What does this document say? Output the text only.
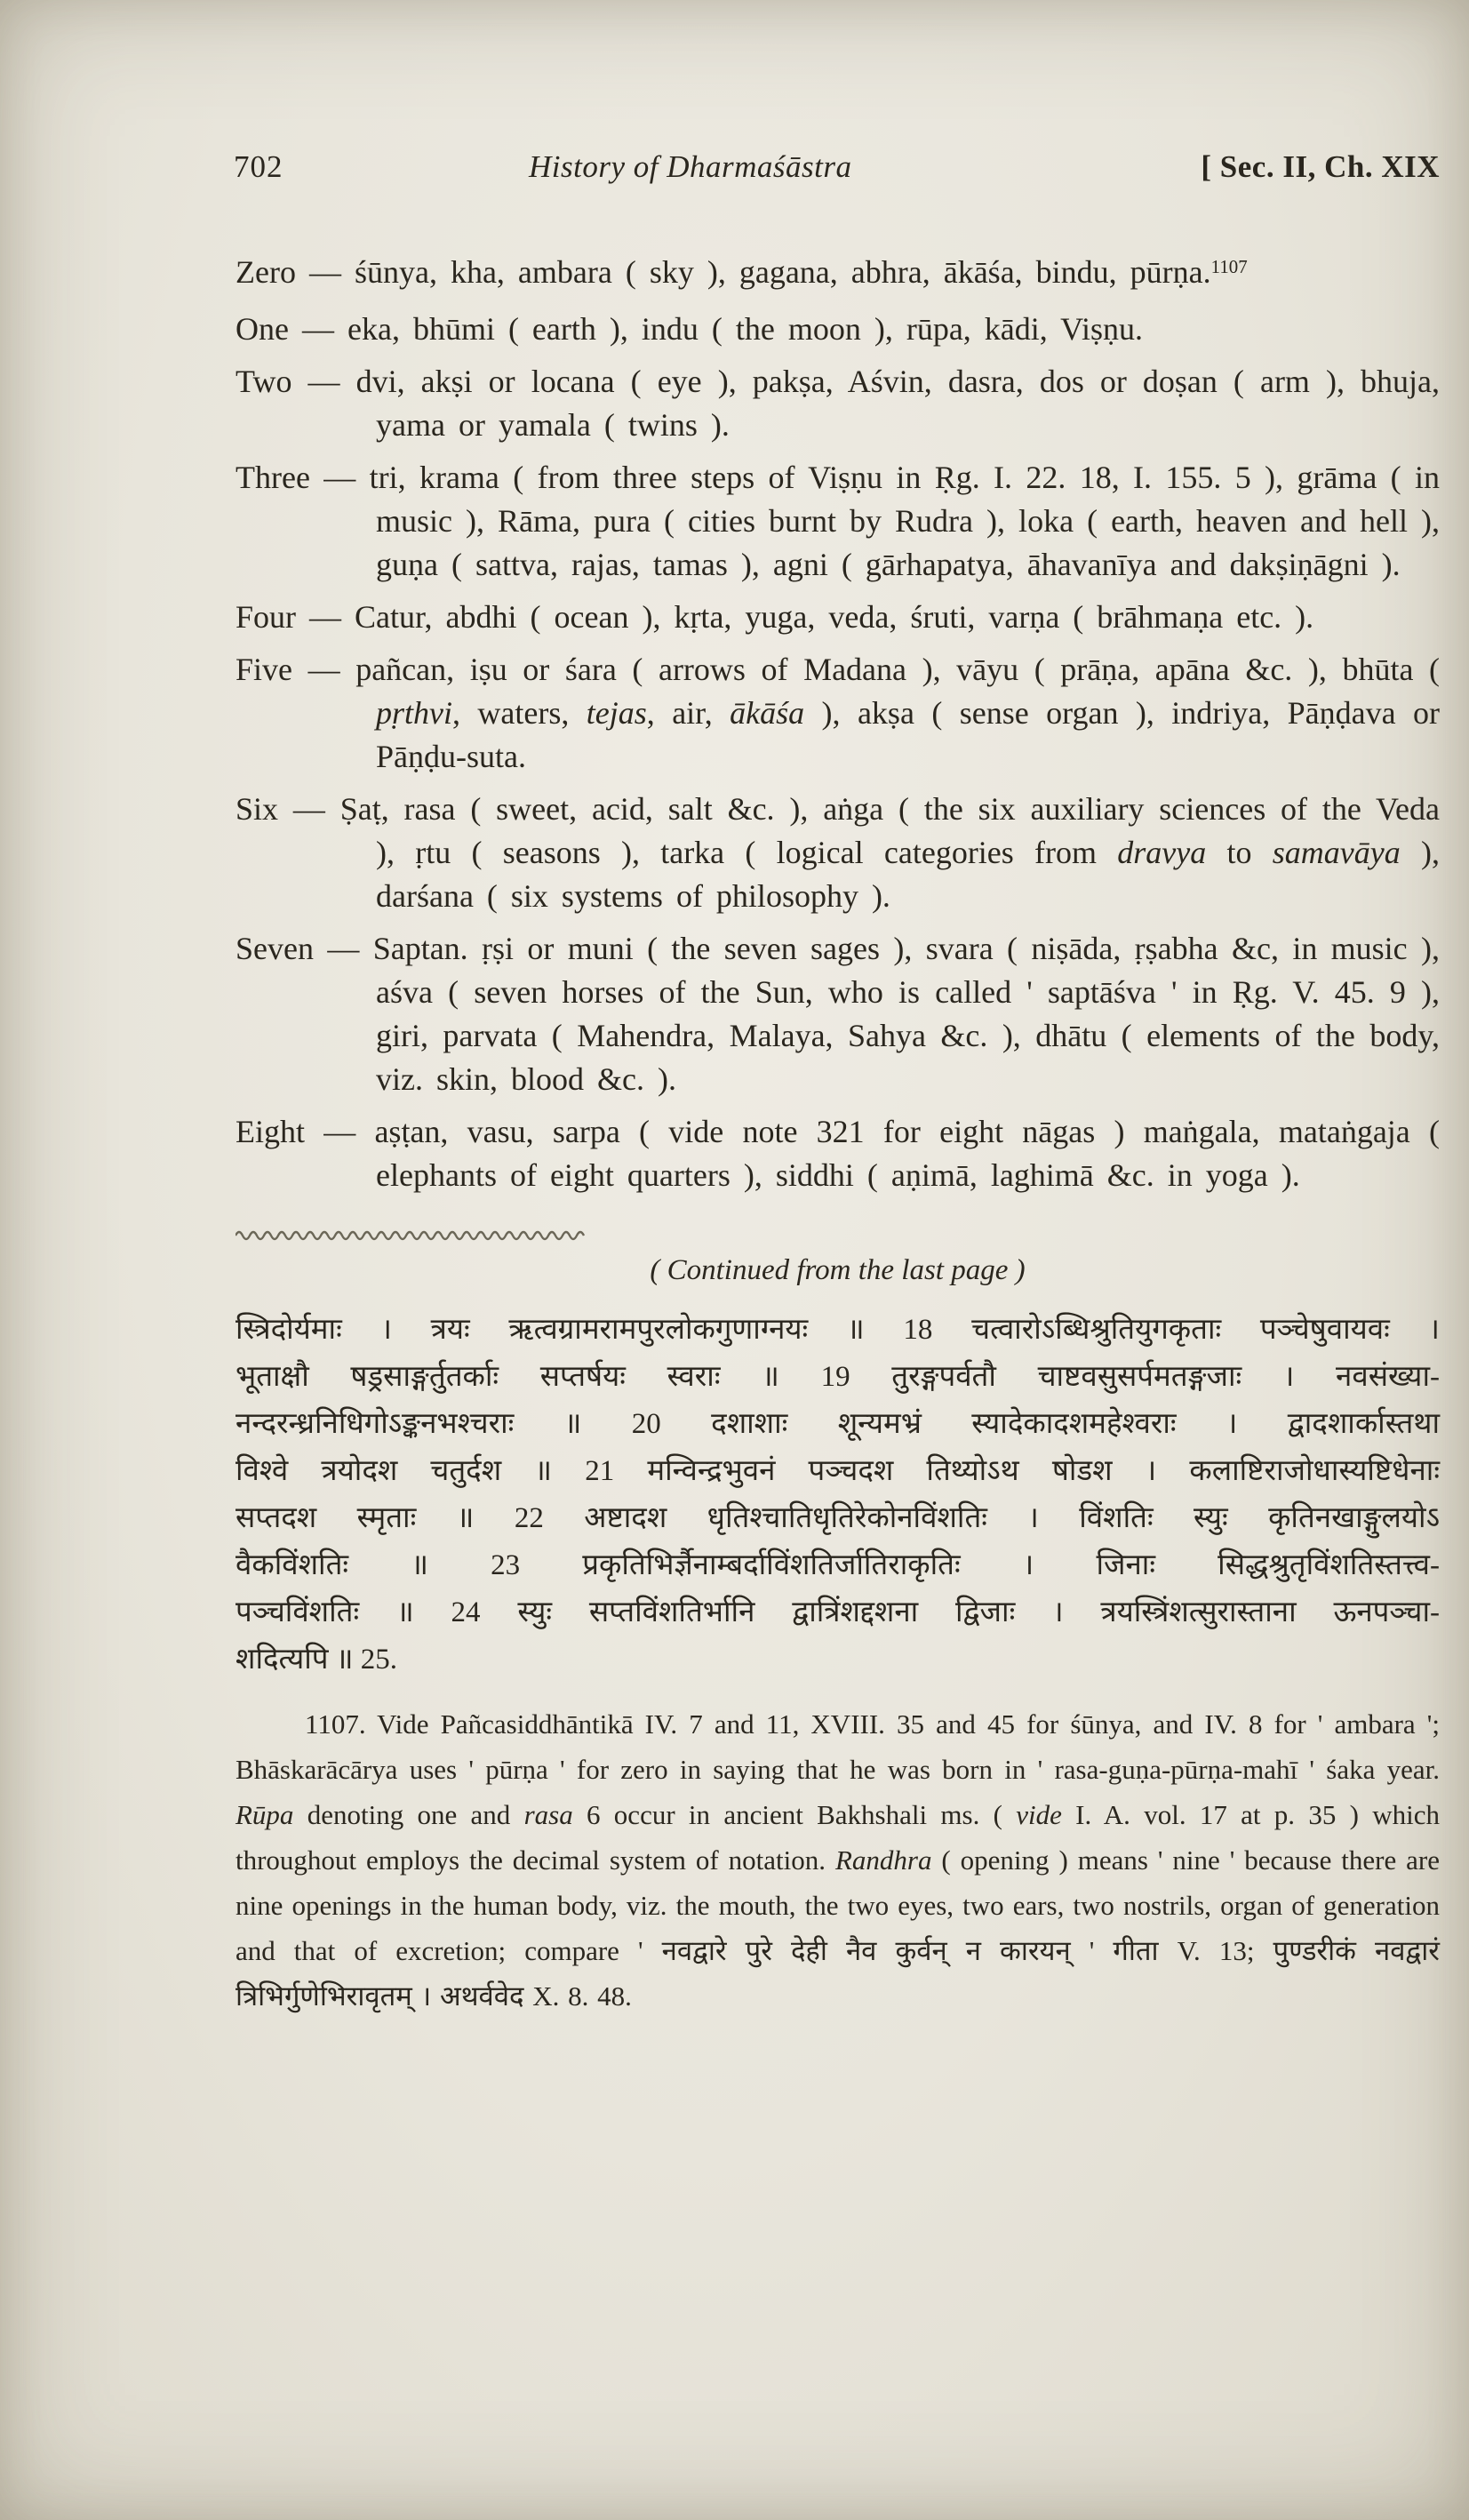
702	History of Dharmaśāstra	[ Sec. II, Ch. XIX

Zero — śūnya, kha, ambara ( sky ), gagana, abhra, ākāśa, bindu, pūrṇa.$^{1107}$

One — eka, bhūmi ( earth ), indu ( the moon ), rūpa, kādi, Viṣṇu.

Two — dvi, akṣi or locana ( eye ), pakṣa, Aśvin, dasra, dos or doṣan ( arm ), bhuja, yama or yamala ( twins ).

Three — tri, krama ( from three steps of Viṣṇu in Ṛg. I. 22. 18, I. 155. 5 ), grāma ( in music ), Rāma, pura ( cities burnt by Rudra ), loka ( earth, heaven and hell ), guṇa ( sattva, rajas, tamas ), agni ( gārhapatya, āhavanīya and dakṣiṇāgni ).

Four — Catur, abdhi ( ocean ), kṛta, yuga, veda, śruti, varṇa ( brāhmaṇa etc. ).

Five — pañcan, iṣu or śara ( arrows of Madana ), vāyu ( prāṇa, apāna &c. ), bhūta ( pṛthvi, waters, tejas, air, ākāśa ), akṣa ( sense organ ), indriya, Pāṇḍava or Pāṇḍu-suta.

Six — Ṣaṭ, rasa ( sweet, acid, salt &c. ), aṅga ( the six auxiliary sciences of the Veda ), ṛtu ( seasons ), tarka ( logical categories from dravya to samavāya ), darśana ( six systems of philosophy ).

Seven — Saptan. ṛṣi or muni ( the seven sages ), svara ( niṣāda, ṛṣabha &c, in music ), aśva ( seven horses of the Sun, who is called ' saptāśva ' in Ṛg. V. 45. 9 ), giri, parvata ( Mahendra, Malaya, Sahya &c. ), dhātu ( elements of the body, viz. skin, blood &c. ).

Eight — aṣṭan, vasu, sarpa ( vide note 321 for eight nāgas ) maṅgala, mataṅgaja ( elephants of eight quarters ), siddhi ( aṇimā, laghimā &c. in yoga ).

( Continued from the last page )
स्त्रिदोर्यमाः । त्रयः ऋत्वग्रामरामपुरलोकगुणाग्नयः ॥ 18 चत्वारोऽब्धिश्रुतियुगकृताः पञ्चेषुवायवः ।
भूताक्षौ षड्रसाङ्गर्तुतर्काः सप्तर्षयः स्वराः ॥ 19 तुरङ्गपर्वतौ चाष्टवसुसर्पमतङ्गजाः । नवसंख्या-
नन्दरन्ध्रनिधिगोऽङ्कनभश्चराः ॥ 20 दशाशाः शून्यमभ्रं स्यादेकादशमहेश्वराः । द्वादशार्कास्तथा
विश्वे त्रयोदश चतुर्दश ॥ 21 मन्विन्द्रभुवनं पञ्चदश तिथ्योऽथ षोडश । कलाष्टिराजोधास्यष्टिधेनाः
सप्तदश स्मृताः ॥ 22 अष्टादश धृतिश्चातिधृतिरेकोनविंशतिः । विंशतिः स्युः कृतिनखाङ्गुलयोऽ
वैकविंशतिः ॥ 23 प्रकृतिभिर्ज्ञैनाम्बर्दाविंशतिर्जातिराकृतिः । जिनाः सिद्धश्रुतृविंशतिस्तत्त्व-
पञ्चविंशतिः ॥ 24 स्युः सप्तविंशतिर्भानि द्वात्रिंशद्दशना द्विजाः । त्रयस्त्रिंशत्सुरास्ताना ऊनपञ्चा-
शदित्यपि ॥ 25.

1107. Vide Pañcasiddhāntikā IV. 7 and 11, XVIII. 35 and 45 for śūnya, and IV. 8 for ' ambara '; Bhāskarācārya uses ' pūrṇa ' for zero in saying that he was born in ' rasa-guṇa-pūrṇa-mahī ' śaka year. Rūpa denoting one and rasa 6 occur in ancient Bakhshali ms. ( vide I. A. vol. 17 at p. 35 ) which throughout employs the decimal system of notation. Randhra ( opening ) means ' nine ' because there are nine openings in the human body, viz. the mouth, the two eyes, two ears, two nostrils, organ of generation and that of excretion; compare ' नवद्वारे पुरे देही नैव कुर्वन् न कारयन् ' गीता V. 13; पुण्डरीकं नवद्वारं त्रिभिर्गुणेभिरावृतम् । अथर्ववेद X. 8. 48.
